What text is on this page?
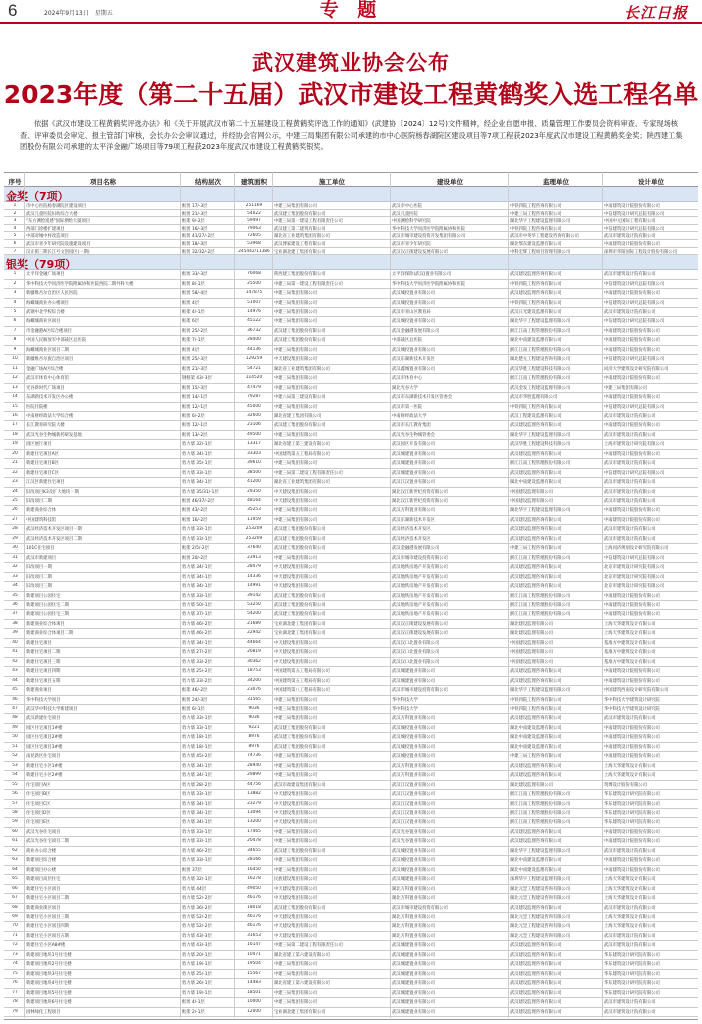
6	2024年9月13日　星期五	专 题	长江日报
武汉建筑业协会公布
2023年度（第二十五届）武汉市建设工程黄鹤奖入选工程名单

依据《武汉市建设工程黄鹤奖评选办法》和《关于开展武汉市第二十五届建设工程黄鹤奖评选工作的通知》(武建协〔2024〕12号)文件精神，经企业自愿申报、质量管理工作要员会资料审查、专家现场核查、评审委员会审定、报主管部门审核，会长办公会审议通过，并经协会官网公示，中建三局集团有限公司承建的市中心医院杨春湖院区建设项目等7项工程获2023年度武汉市建设工程黄鹤奖金奖；陕西建工集团股份有限公司承建的太平洋金融广场项目等79项工程获2023年度武汉市建设工程黄鹤奖银奖。

序号	项目名称	结构层次	建筑面积	施工单位	建设单位	监理单位	设计单位
金奖（7项）
1	市中心医院杨春湖院区建设项目	框剪 17/-3层	251169	中建三局集团有限公司	武汉市中心医院	中铁四院工程咨询有限公司	中南建筑设计院股份有限公司
2	武汉儿童医院妇幼综合大楼	框剪 21/-3层	54022	武汉建工集团股份有限公司	武汉儿童医院	中建三局工程咨询有限公司	中信建筑设计研究总院有限公司
3	"东方测绘遥感"国际测绘大厦项目	框架 9/-2层	59497	中建三局第一建设工程有限责任公司	中国测绘科学研究院	湖北华宇工程建设监理有限公司	中国中元国际工程有限公司
4	西部门诊楼扩建项目	框剪 16/-3层	79063	武汉建工第二建筑有限公司	华中科技大学同济医学院附属协和医院	中铁四院工程咨询有限公司	中信建筑设计研究总院有限公司
5	中部对城中村改造项目	框剪 41/27/-2层	72605	湖北省工业建筑集团有限公司	武汉市城市建设投资开发集团有限公司	武汉市中英华工程建设咨询有限公司	武汉市建筑设计院有限公司
6	武汉市青少年研究院设施建设项目	框剪 18/-3层	53968	武汉博家建设工程有限公司	武汉市青少年研究院	湖北鄂东建设监理有限公司	中南建筑设计院股份有限公司
7	汉正街三期长江号文创园区(一期)	框剪 32/32/-2层	245442/11386 宝业湖北建工集团有限公司	武汉汉正街建设发展有限公司	中科宏辉工程项目管理有限公司	深圳市华阳国际工程设计股份有限公司
银奖（79项）
1	太平洋金融广场项目	框剪 33/-3层	76068	陕西建工集团股份有限公司	太平洋保险(武汉)置业有限公司	武汉建设监理咨询有限公司	武汉市建筑设计院有限公司
2	华中科技大学同济医学院附属协和医院西院二期外科大楼	框剪 8/-1层	25500	中建三局第一建设工程有限责任公司	华中科技大学同济医学院附属协和医院	中铁四院工程咨询有限公司	中信建筑设计研究总院有限公司
3	新疆维吾尔自治区人民医院	框剪 58/-4层	147875	中建三局集团有限公司	武汉城投置业有限公司	武汉建设监理咨询有限公司	中南建筑设计院股份有限公司
4	海螺城商业办公楼项目	框剪 4层	51007	中建三局集团有限公司	武汉城投置业有限公司	中铁四院工程咨询有限公司	中信建筑设计研究总院有限公司
5	武钢中北学校综合楼	框架 4/-1层	14976	中建三局集团有限公司	武汉市青山区教育局	武汉日光建设监理有限公司	武汉市建筑设计院有限公司
6	海螺城商业区项目	框架 6层	45122	中建三局集团有限公司	武汉城投置业有限公司	湖北华宇工程建设监理有限公司	中信建筑设计研究总院有限公司
7	市金融港A区综合楼项目	框剪 25/-2层	36732	武汉建工集团股份有限公司	武汉金融港发展有限公司	浙江江南工程管理股份有限公司	中南建筑设计院股份有限公司
8	中国人民解放军中部战区总医院	框架 7/-1层	28400	武汉建工集团股份有限公司	中部战区总医院	湖北中南建设监理有限公司	中南建筑设计院股份有限公司
9	海螺城商业区项目二期	框剪 4层	44136	中建三局集团有限公司	武汉城投置业有限公司	浙江江南工程管理股份有限公司	中南建筑设计院股份有限公司
10	新疆维吾尔族自治区项目	框剪 25/-3层	129259	中天建设集团有限公司	武汉东湖新技术开发区	湖北楚元工程建设咨询有限公司	中信建筑设计研究总院有限公司
11	金融广场A区综合楼	框剪 21/-3层	54721	湖北省工业建筑集团有限公司	武汉鑫城置业有限公司	武汉华胜工程建设科技有限公司	同济大学建筑设计研究院有限公司
12	武汉市体育中心体育馆	钢框架 43/-3层	114520	中建三局集团有限公司	武汉市体育中心	浙江江南工程管理股份有限公司	中南建筑设计院股份有限公司
13	光谷新时代广场项目	框剪 15/-3层	47479	中建三局集团有限公司	湖北光谷大学	武汉金发工程建设监理有限公司	中建三局集团有限公司
14	东湖新技术开发区办公楼	框剪 14/-1层	79287	中建八局第三建设有限公司	武汉市东湖新技术开发区管委会	武汉市华胜监理有限公司	中南建筑设计院股份有限公司
15	医院住院楼	框剪 12/-1层	45000	中建三局集团有限公司	武汉市第一医院	中铁四院工程咨询有限公司	中信建筑设计研究总院有限公司
16	中南财经政法大学综合楼	框剪 6/-2层	32600	湖北省建工集团有限公司	中南财经政法大学	武汉工程建设监理有限公司	武汉市建筑设计院有限公司
17	长江教育研究院大楼	框剪 12/-1层	23106	武汉建工集团股份有限公司	武汉市长江教育集团	武汉建设监理咨询有限公司	中南建筑设计院股份有限公司
18	武汉光谷生物城新药研发基地	框剪 13/-2层	49500	中建三局集团有限公司	武汉光谷生物城管委会	湖北华宇工程建设监理有限公司	武汉市建筑设计院有限公司
19	园区展厅项目	剪力墙 32/-1层	13317	湖北省建工第三建设有限公司	武汉园区开发有限公司	武汉华胜工程建设科技有限公司	上海市建筑设计研究院有限公司
20	新建住宅项目A区	剪力墙 34/-1层	33303	中国建筑第五工程局有限公司	武汉城建置业有限公司	武汉建设监理咨询有限公司	中南建筑设计院股份有限公司
21	新建住宅项目B区	剪力墙 35/-1层	39610	中建三局集团有限公司	武汉城建置业有限公司	浙江江南工程管理股份有限公司	武汉市建筑设计院有限公司
22	新建住宅项目C区	剪力墙 33/-1层	38500	中建三局第二建设工程有限责任公司	武汉城建置业有限公司	武汉建设监理咨询有限公司	中信建筑设计研究总院有限公司
23	江汉区新建住宅项目	剪力墙 34/-1层	41200	湖北省工业建筑集团有限公司	武汉江汉置业有限公司	湖北中南建设监理有限公司	武汉市建筑设计院有限公司
24	旧改项目K3及扩大地块一期	剪力墙 35/31/-1层	29350	中天建设集团有限公司	湖北汉江新世纪投资有限公司	中国建设监理有限公司	武汉市建筑设计院有限公司
25	旧改项目二期	框剪 46/37/-2层	48164	中天建设集团有限公司	湖北汉江新世纪投资有限公司	中国建设监理有限公司	武汉市建筑设计院有限公司
26	新建商业综合体	框剪 43/-2层	35253	中建三局集团有限公司	武汉万科置业有限公司	湖北华宇工程建设监理有限公司	中南建筑设计院股份有限公司
27	中国建筑科技馆	框剪 16/-2层	11959	中建三局集团有限公司	武汉东湖新技术开发区	武汉建设监理咨询有限公司	中南建筑设计院股份有限公司
28	武汉经济技术开发区项目一期	剪力墙 33/-1层	253209	武汉建工集团股份有限公司	武汉经济技术开发区	武汉建设监理咨询有限公司	武汉市建筑设计院有限公司
29	武汉经济技术开发区项目二期	剪力墙 33/-1层	253209	武汉建工集团股份有限公司	武汉经济技术开发区	武汉建设监理咨询有限公司	武汉市建筑设计院有限公司
30	101C住宅项目	框架 2/5/-2层	37640	武汉建工集团股份有限公司	武汉金融港发展有限公司	中建三局工程咨询有限公司	上海同济规划设计研究院有限公司
31	武汉市新建项目	框剪 20/-2层	23913	中建三局集团有限公司	武汉市城市建设投资有限公司	浙江江南工程管理股份有限公司	中信建筑设计研究总院有限公司
32	旧改项目一期	剪力墙 34/-1层	28479	中天建设集团有限公司	武汉地铁房地产开发有限公司	武汉建设监理咨询有限公司	北京市建筑设计研究院有限公司
33	旧改项目二期	剪力墙 34/-1层	14336	中天建设集团有限公司	武汉地铁房地产开发有限公司	武汉建设监理咨询有限公司	北京市建筑设计研究院有限公司
34	旧改项目三期	剪力墙 34/-1层	14991	中天建设集团有限公司	武汉地铁房地产开发有限公司	武汉建设监理咨询有限公司	北京市建筑设计研究院有限公司
35	新建项目公园住宅	剪力墙 33/-1层	39142	武汉建工集团股份有限公司	武汉地铁房地产开发有限公司	浙江江南工程管理股份有限公司	中南建筑设计院股份有限公司
36	新建项目公园住宅二期	剪力墙 50/-1层	53250	武汉建工集团股份有限公司	武汉地铁房地产开发有限公司	浙江江南工程管理股份有限公司	中南建筑设计院股份有限公司
37	新建项目公园住宅三期	剪力墙 37/-1层	54200	武汉建工集团股份有限公司	武汉地铁房地产开发有限公司	浙江江南工程管理股份有限公司	中南建筑设计院股份有限公司
38	新建商业综合体项目	剪力墙 46/-2层	21689	宝业湖北建工集团有限公司	武汉汉正街建设发展有限公司	湖北建设监理有限公司	上海天华建筑设计有限公司
39	新建商业综合体项目二期	剪力墙 46/-2层	22942	宝业湖北建工集团有限公司	武汉汉正街建设发展有限公司	湖北建设监理有限公司	上海天华建筑设计有限公司
40	新建住宅项目	剪力墙 34/-1层	44664	中天建设集团有限公司	武汉汉口北置业有限公司	中国建设监理有限公司	基准方中建筑设计有限公司
41	新建住宅项目二期	剪力墙 27/-2层	20819	中天建设集团有限公司	武汉汉口北置业有限公司	中国建设监理有限公司	基准方中建筑设计有限公司
42	新建住宅项目三期	剪力墙 33/-2层	30362	中天建设集团有限公司	武汉汉口北置业有限公司	中国建设监理有限公司	基准方中建筑设计有限公司
43	新建住宅项目四期	剪力墙 25/-2层	18753	中国建筑第五工程局有限公司	武汉城建置业有限公司	武汉建设监理咨询有限公司	中南建筑设计院股份有限公司
44	新建住宅项目五期	剪力墙 33/-2层	34200	中国建筑第五工程局有限公司	武汉城建置业有限公司	武汉建设监理咨询有限公司	中南建筑设计院股份有限公司
45	新建商业项目	框架 46/-2层	23076	中国建筑第八工程局有限公司	武汉市城市建设投资有限公司	湖北华宇工程建设监理有限公司	中国建筑西南设计研究院有限公司
46	华中科技大学项目	框剪 24/-3层	31565	中建三局集团有限公司	华中科技大学	中铁四院工程咨询有限公司	华中科技大学建筑设计研究院
47	武汉华中科技大学新建项目	框剪 6/-1层	9036	中建三局集团有限公司	华中科技大学	中铁四院工程咨询有限公司	华中科技大学建筑设计研究院
48	武汉新建住宅项目	剪力墙 33/-1层	9036	中建三局集团有限公司	武汉万科置业有限公司	武汉建设监理咨询有限公司	武汉市建筑设计院有限公司
49	园区住宅项目1#楼	剪力墙 33/-1层	9221	武汉建工集团股份有限公司	武汉城投置业有限公司	湖北中南建设监理有限公司	中南建筑设计院股份有限公司
50	园区住宅项目2#楼	剪力墙 18/-1层	8976	武汉建工集团股份有限公司	武汉城投置业有限公司	湖北中南建设监理有限公司	中南建筑设计院股份有限公司
51	园区住宅项目3#楼	剪力墙 18/-1层	8976	武汉建工集团股份有限公司	武汉城投置业有限公司	湖北中南建设监理有限公司	中南建筑设计院股份有限公司
52	南昆新区住宅项目	剪力墙 45/-2层	74736	中建三局集团有限公司	武汉城投置业有限公司	中建三局工程咨询有限公司	中南建筑设计院股份有限公司
53	新建住宅小区1#楼	剪力墙 34/-1层	28940	中建三局集团有限公司	武汉万科置业有限公司	武汉建设监理咨询有限公司	上海天华建筑设计有限公司
54	新建住宅小区2#楼	剪力墙 34/-1层	29899	中建三局集团有限公司	武汉万科置业有限公司	武汉建设监理咨询有限公司	上海天华建筑设计有限公司
55	住宅项目A区	剪力墙 28/-2层	44756	武汉市政建设集团有限公司	武汉江汉置业有限公司	湖北建设监理有限公司	筑博设计股份有限公司
56	住宅项目B区	剪力墙 33/-1层	13882	中天建设集团有限公司	武汉江汉置业有限公司	浙江江南工程管理股份有限公司	华东建筑设计研究院有限公司
57	住宅项目C区	剪力墙 34/-1层	23279	中天建设集团有限公司	武汉江汉置业有限公司	浙江江南工程管理股份有限公司	华东建筑设计研究院有限公司
58	住宅项目D区	剪力墙 34/-1层	13094	中天建设集团有限公司	武汉江汉置业有限公司	浙江江南工程管理股份有限公司	华东建筑设计研究院有限公司
59	住宅项目E区	剪力墙 34/-1层	13200	中天建设集团有限公司	武汉江汉置业有限公司	浙江江南工程管理股份有限公司	华东建筑设计研究院有限公司
60	武汉光谷住宅项目	剪力墙 33/-1层	17465	中建三局集团有限公司	武汉光谷置业有限公司	武汉建设监理咨询有限公司	中南建筑设计院股份有限公司
61	武汉光谷住宅项目二期	剪力墙 33/-1层	20478	中建三局集团有限公司	武汉光谷置业有限公司	武汉建设监理咨询有限公司	中南建筑设计院股份有限公司
62	商业办公综合楼	剪力墙 46/-2层	34655	武汉建工集团股份有限公司	武汉城投置业有限公司	湖北华宇工程建设监理有限公司	武汉市建筑设计院有限公司
63	新建项目综合楼	剪力墙 33/-1层	28166	中建三局集团有限公司	武汉城投置业有限公司	湖北中南建设监理有限公司	中南建筑设计院股份有限公司
64	新建项目办公楼	框剪 37层	16450	中建三局集团有限公司	武汉城投置业有限公司	湖北中南建设监理有限公司	中南建筑设计院股份有限公司
65	新建项目高层住宅	剪力墙 32/-1层	16278	民族建设集团有限公司	武汉城建置业有限公司	深圳华宇工程建设监理有限公司	上海天华建筑设计有限公司
66	新建住宅小区项目	剪力墙 44层	49050	中天建设集团有限公司	湖北万科置业有限公司	湖北元罡工程建设咨询有限公司	上海天华建筑设计有限公司
67	新建住宅小区项目二期	剪力墙 52/-2层	46176	中天建设集团有限公司	湖北万科置业有限公司	湖北元罡工程建设咨询有限公司	上海天华建筑设计有限公司
68	新建商业街区项目	剪力墙 36/-2层	18018	武汉建工集团股份有限公司	武汉市城市建设投资有限公司	武汉建设监理咨询有限公司	武汉市建筑设计院有限公司
69	新建住宅小区项目三期	剪力墙 52/-2层	46176	中天建设集团有限公司	湖北万科置业有限公司	湖北元罡工程建设咨询有限公司	上海天华建筑设计有限公司
70	新建住宅小区项目四期	剪力墙 52/-2层	46176	中天建设集团有限公司	湖北万科置业有限公司	湖北元罡工程建设咨询有限公司	上海天华建筑设计有限公司
71	新建住宅小区项目五期	剪力墙 43/-3层	31653	中天建设集团有限公司	湖北万科置业有限公司	湖北元罡工程建设咨询有限公司	武汉市建筑设计院有限公司
72	新建住宅小区A8#楼	剪力墙 43/-3层	16147	中建三局第二建设工程有限责任公司	武汉城建置业有限公司	武汉建设监理咨询有限公司	武汉市建筑设计院有限公司
73	新建项目地块1号住宅楼	剪力墙 20/-1层	10471	湖北省建工第六建设有限公司	武汉城建置业有限公司	武汉建设监理咨询有限公司	华东建筑设计研究院有限公司
74	新建项目地块2号住宅楼	剪力墙 19/-1层	19504	中建三局集团有限公司	武汉城建置业有限公司	武汉建设监理咨询有限公司	华东建筑设计研究院有限公司
75	新建项目地块3号住宅楼	剪力墙 25/-1层	15567	中建三局集团有限公司	武汉城建置业有限公司	武汉建设监理咨询有限公司	华东建筑设计研究院有限公司
76	新建项目地块4号住宅楼	剪力墙 26/-1层	14483	湖北省建工第六建设有限公司	武汉城建置业有限公司	武汉建设监理咨询有限公司	华东建筑设计研究院有限公司
77	新建项目地块5号住宅楼	剪力墙 19/-1层	18501	中建三局集团有限公司	武汉城建置业有限公司	武汉建设监理咨询有限公司	华东建筑设计研究院有限公司
78	新建项目地块6号住宅楼	框剪 4/-1层	10000	中建三局集团有限公司	武汉城建置业有限公司	武汉建设监理咨询有限公司	武汉市建筑设计院有限公司
79	园林绿化工程项目	框架 2/-1层	12000	宝业湖北建工集团有限公司	武汉城建置业有限公司	武汉建设监理咨询有限公司	武汉市建筑设计院有限公司
